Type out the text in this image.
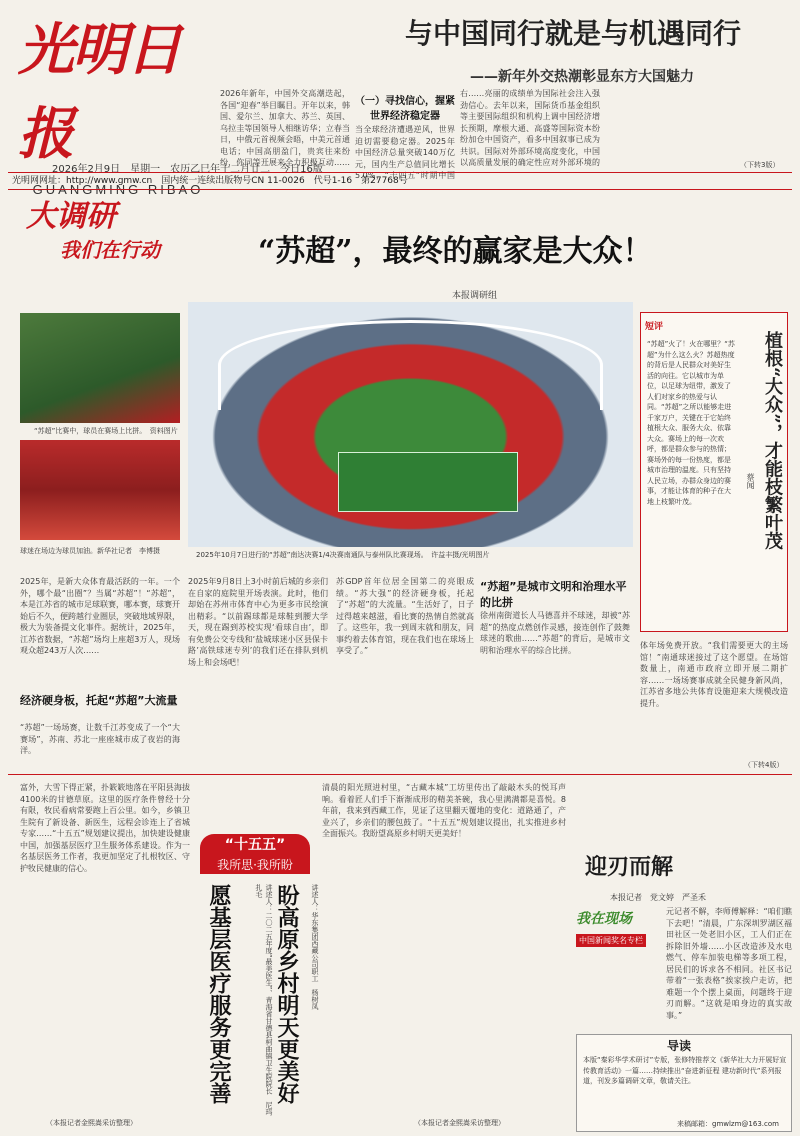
光明日报
GUANGMING RIBAO
与中国同行就是与机遇同行
——新年外交热潮彰显东方大国魅力
2026年新年，中国外交高潮迭起，各国“迎春”举目瞩目。开年以来，韩国、爱尔兰、加拿大、苏兰、英国、乌拉圭等国领导人相继访华；立春当日，中俄元首视频会晤，中美元首通电话；中国高朋盈门，贵宾往来纷纷，你同等开展来全力积极互动……
（一）寻找信心，握紧世界经济稳定器
当全球经济遭遇逆风，世界迫切需要稳定器。2025年中国经济总量突破140万亿元，国内生产总值同比增长5.0%，“十四五”时期中国
右……亮丽的成绩单为国际社会注入强劲信心。去年以来，国际货币基金组织等主要国际组织和机构上调中国经济增长预期，摩根大通、高盛等国际资本纷纷加仓中国资产，看多中国叙事已成为共识。国际对外部环境高度变化，中国以高质量发展的确定性应对外部环境的	（下转3版）
2026年2月9日　星期一　农历乙巳年十二月廿二　今日16版
光明网网址：http://www.gmw.cn　国内统一连续出版物号CN 11-0026　代号1-16　第27768号
大调研
我们在行动	“苏超”，最终的赢家是大众！
本报调研组
“苏超”比赛中，球员在赛场上比拼。　资料图片
球迷在场边为球员加油。新华社记者　李博摄	2025年10月7日进行的“苏超”南达决赛1/4决赛南通队与泰州队比赛现场。　许益丰摄/光明图片
短评
“苏超”火了！火在哪里？“苏超”为什么这么火？苏超热度的背后是人民群众对美好生活的向往。它以城市为单位，以足球为纽带，激发了人们对家乡的热爱与认同。“苏超”之所以能够走进千家万户，关键在于它始终植根大众、服务大众、依靠大众。赛场上的每一次欢呼，都是群众参与的热情；赛场外的每一份热度，都是城市治理的温度。只有坚持人民立场，办群众身边的赛事，才能让体育的种子在大地上枝繁叶茂。	植根“大众”，才能枝繁叶茂
蔡闻
2025年，是新大众体育最活跃的一年。一个外，哪个最“出圈”？当属“苏超”！“苏超”，本是江苏省的城市足球联赛，哪本赛，球赛开始后不久，便跨越行业圈层，突破地域界限，极大为装备提文化事件。据统计，2025年，江苏省数据，“苏超”场均上座超3万人，现场观众超243万人次……
经济硬身板，托起“苏超”大流量
“苏超”一场场赛，让数千江苏变成了一个“大赛场”，苏南、苏北一座座城市成了夜岩的海洋。
2025年9月8日上3小时前后城的乡亲们在自家的庭院里开场表演。此时，他们却始在苏州市体育中心为更多市民绘演出精彩。“以前踢球都是球鞋到腰大学天，现在踢到苏校实现‘看球自由’，即有免费公交专线和‘盐城球迷小区县保卡路’高铁球迷专列’的我们还在排队到机场上和会场吧！
苏GDP首年位居全国第二的亮眼成绩。“苏大强”的经济硬身板，托起了“苏超”的大流量。“生活好了，日子过得越来越滋，看比赛的热情自然就高了。这些年，我一到周末就和朋友，同事约着去体育馆，现在我们也在球场上享受了。”
“苏超”是城市文明和治理水平的比拼
徐州南街道长人马德喜并不球迷，却被“苏超”的热度点燃创作灵感，接连创作了鼓舞球迷的歌曲……“苏超”的背后，是城市文明和治理水平的综合比拼。	体年场免费开放。“我们需要更大的主场馆！”南通球迷接过了这个愿望。在场馆数量上，南通市政府立即开展二期扩容……一场场赛事成就全民健身新风尚，江苏省多地公共体育设施迎来大规模改造提升。
（下转4版）
富外，大雪下得正紧，扑簌簌地落在平阳县海拔4100米的甘德草原。这里的医疗条件曾经十分有限，牧民看病常要跑上百公里。如今，乡镇卫生院有了新设备、新医生，远程会诊连上了省城专家……“十五五”规划建议提出，加快建设健康中国，加强基层医疗卫生服务体系建设。作为一名基层医务工作者，我更加坚定了扎根牧区、守护牧民健康的信心。
（本报记者金熙嵩采访整理）
“十五五”
我所思·我所盼
愿基层医疗服务更完善	讲述人：二〇二五年度“最美医生”、青海省甘德县柯曲镇卫生院院长　尼玛扎毛 盼高原乡村明天更美好	讲述人：华东集团西藏公司职工　杨树凤
清晨的阳光照进村里，“古藏本城”工坊里传出了敲敲木头的悦耳声响。看着匠人们手下渐渐成形的精美茶碗，我心里满满都是喜悦。8年前，我来到西藏工作，见证了这里翻天覆地的变化：道路通了，产业兴了，乡亲们的腰包鼓了。“十五五”规划建议提出，扎实推进乡村全面振兴。我盼望高原乡村明天更美好！
（本报记者金熙嵩采访整理）
迎刃而解
本报记者　党文婷　严圣禾
我在现场
中国新闻奖名专栏
元记者不解，李师傅解释：“咱们瞧下去吧！”清晨，广东深圳罗湖区福田社区一处老旧小区，工人们正在拆除旧外墙……小区改造涉及水电燃气、停车加装电梯等多项工程，居民们的诉求各不相同。社区书记带着“一张表格”挨家挨户走访，把难题一个个摆上桌面，问题终于迎刃而解。“这就是咱身边的真实故事。”
导读
本版“秦彩华学术研讨”专版，张修特推荐文《新华社大力开展好宣传教育活动》一篇……持续推出“奋进新征程 建功新时代”系列报道，刊发多篇调研文章，敬请关注。
来稿邮箱：gmwlzm@163.com
